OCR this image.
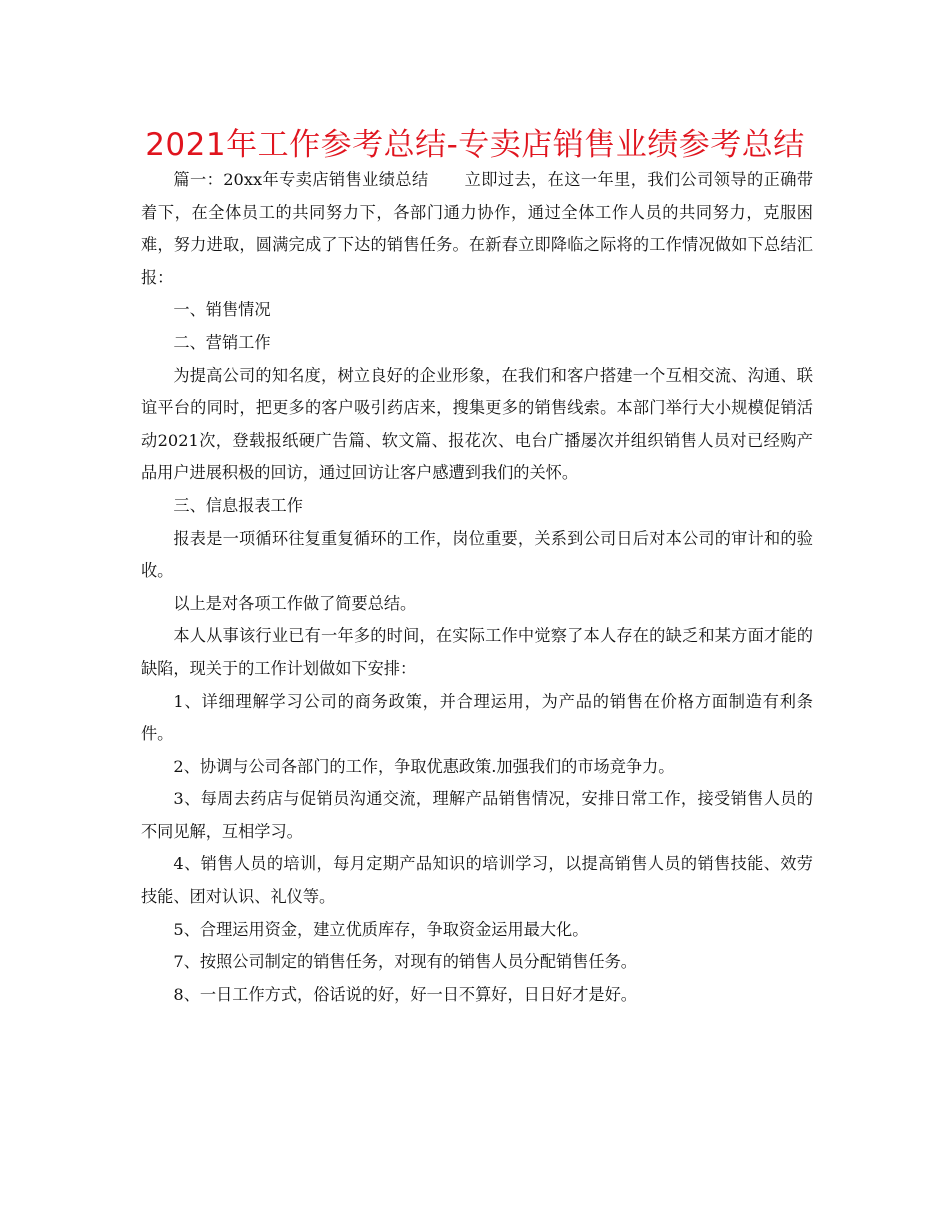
2021年工作参考总结-专卖店销售业绩参考总结

篇一：20xx年专卖店销售业绩总结 立即过去，在这一年里，我们公司领导的正确带着下，在全体员工的共同努力下，各部门通力协作，通过全体工作人员的共同努力，克服困难，努力进取，圆满完成了下达的销售任务。在新春立即降临之际将的工作情况做如下总结汇报：

一、销售情况

二、营销工作

为提高公司的知名度，树立良好的企业形象，在我们和客户搭建一个互相交流、沟通、联谊平台的同时，把更多的客户吸引药店来，搜集更多的销售线索。本部门举行大小规模促销活动2021次，登载报纸硬广告篇、软文篇、报花次、电台广播屡次并组织销售人员对已经购产品用户进展积极的回访，通过回访让客户感遭到我们的关怀。

三、信息报表工作

报表是一项循环往复重复循环的工作，岗位重要，关系到公司日后对本公司的审计和的验收。

以上是对各项工作做了简要总结。

本人从事该行业已有一年多的时间，在实际工作中觉察了本人存在的缺乏和某方面才能的缺陷，现关于的工作计划做如下安排：

1、详细理解学习公司的商务政策，并合理运用，为产品的销售在价格方面制造有利条件。

2、协调与公司各部门的工作，争取优惠政策.加强我们的市场竞争力。

3、每周去药店与促销员沟通交流，理解产品销售情况，安排日常工作，接受销售人员的不同见解，互相学习。

4、销售人员的培训，每月定期产品知识的培训学习，以提高销售人员的销售技能、效劳技能、团对认识、礼仪等。

5、合理运用资金，建立优质库存，争取资金运用最大化。

7、按照公司制定的销售任务，对现有的销售人员分配销售任务。

8、一日工作方式，俗话说的好，好一日不算好，日日好才是好。
